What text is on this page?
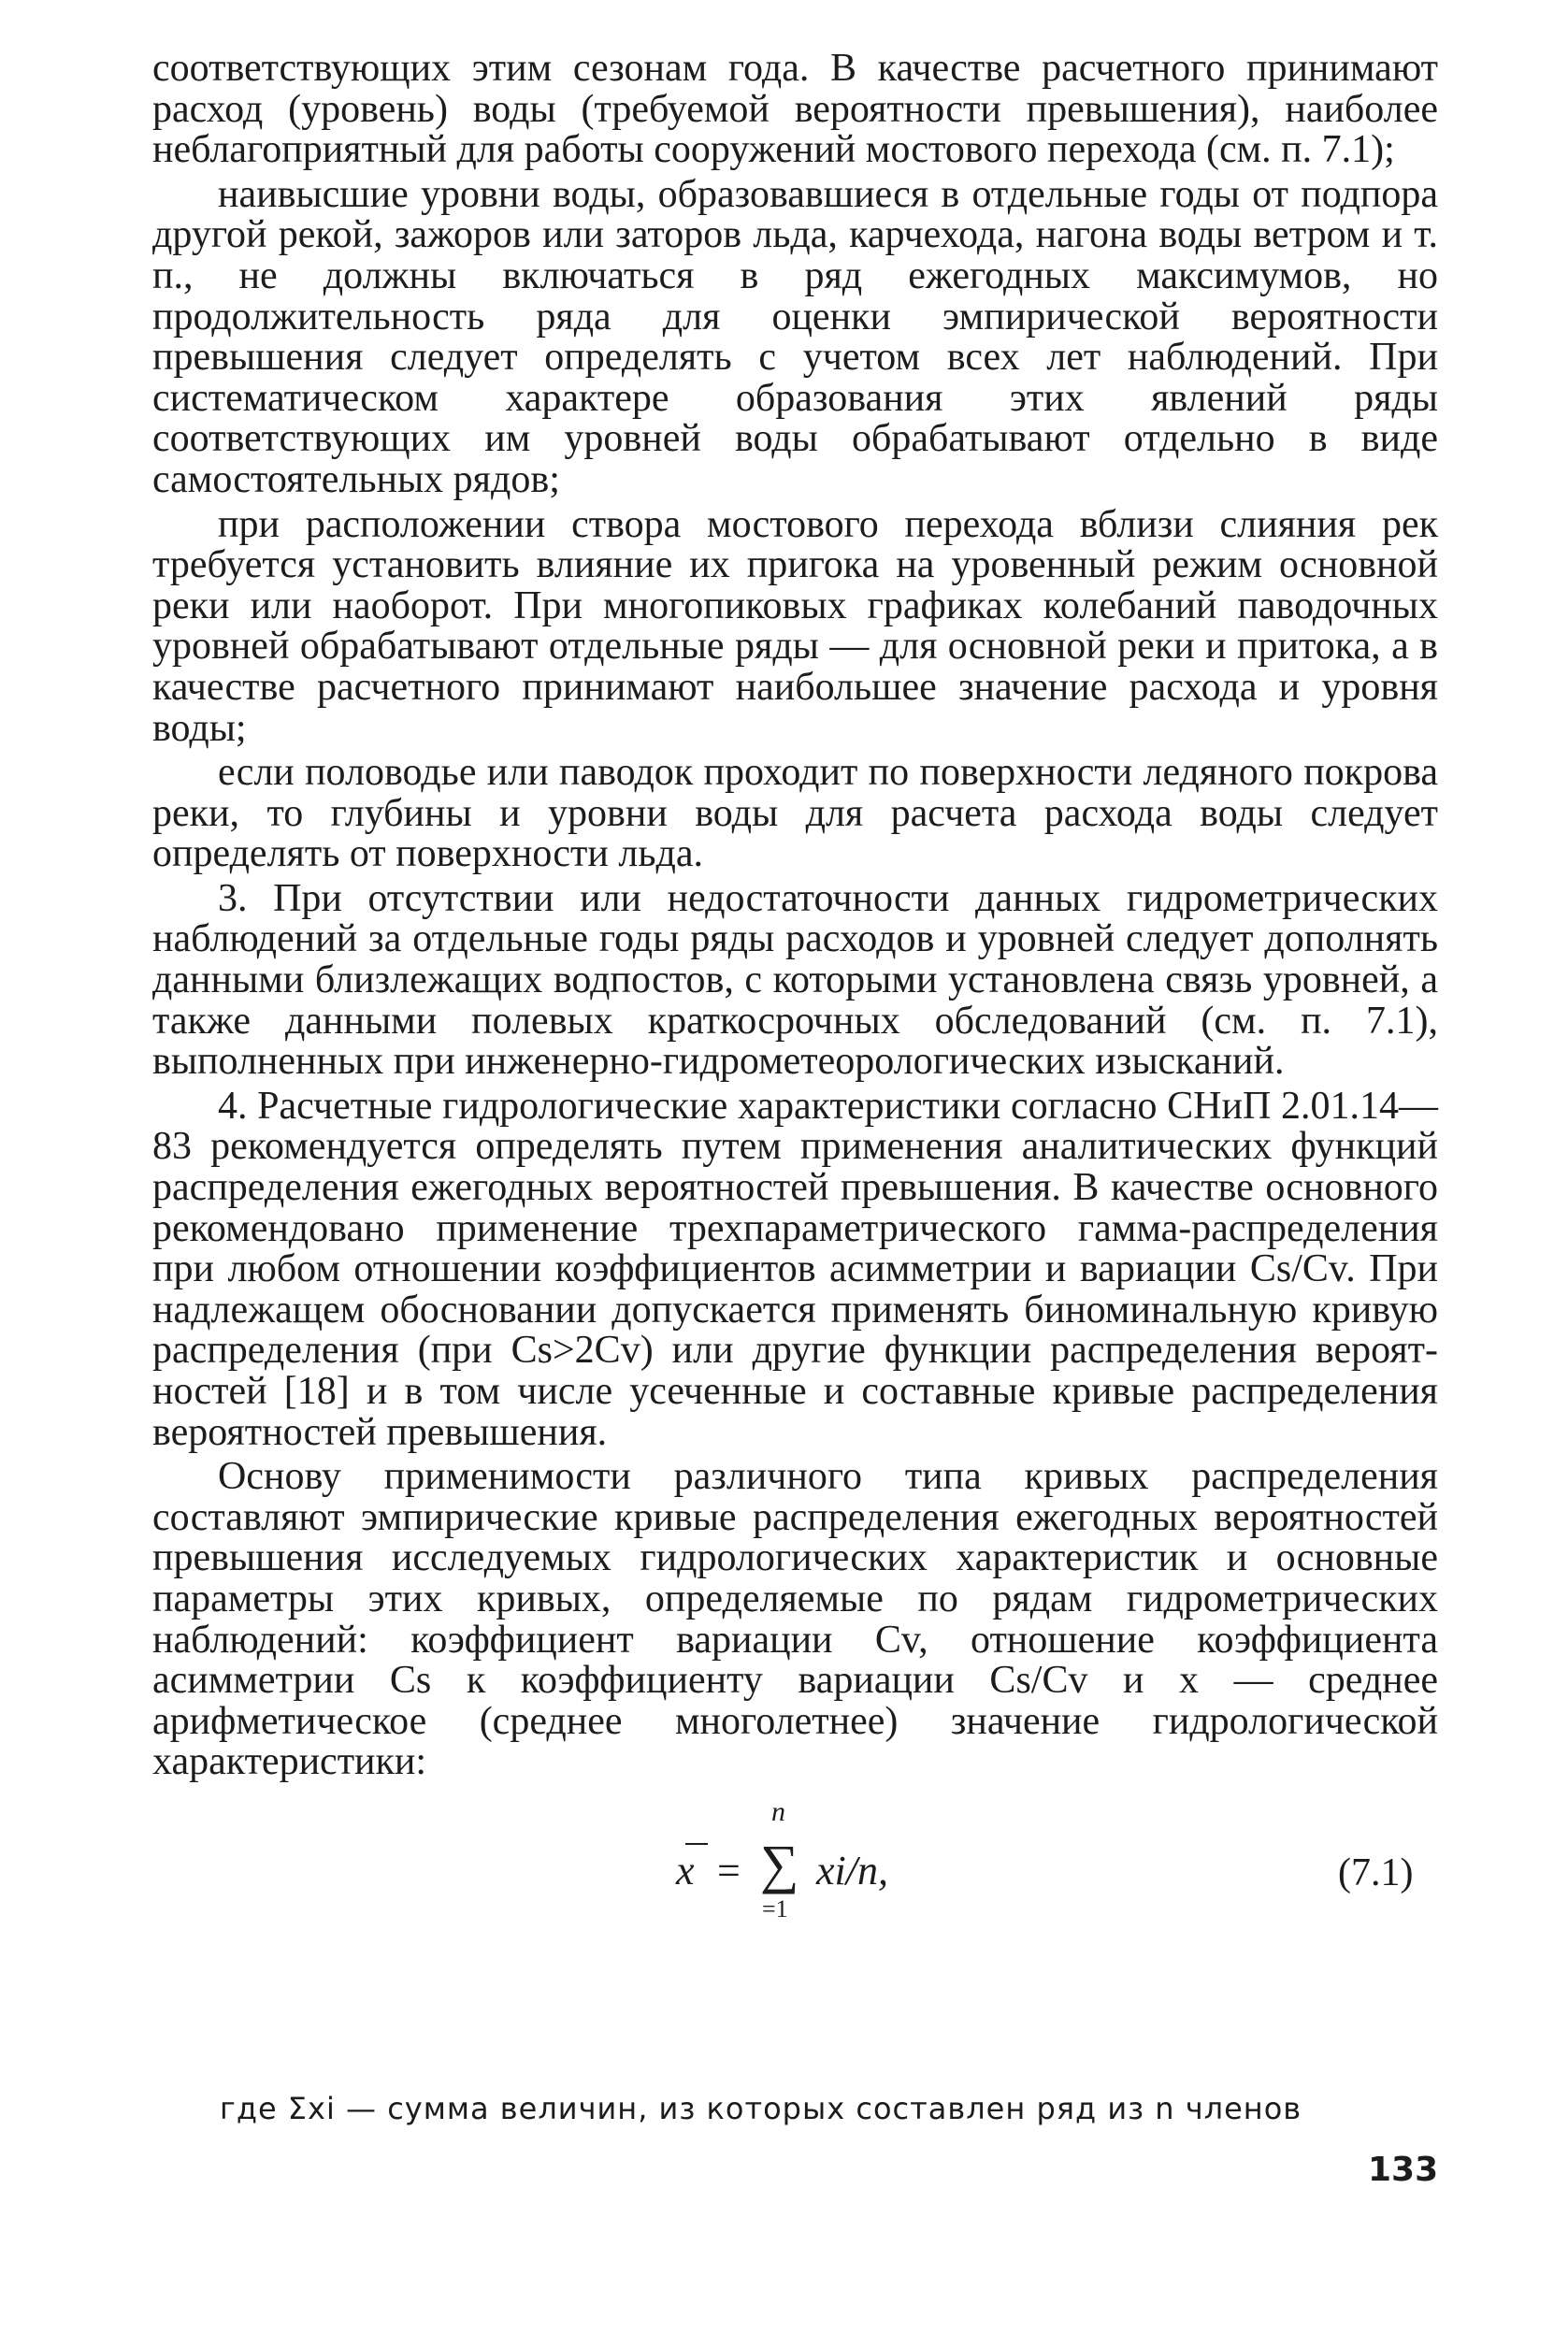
соответствующих этим сезонам года. В качестве расчетного принимают расход (уровень) воды (требуемой вероятности превышения), наиболее неблагоприятный для работы сооружений мостового перехода (см. п. 7.1);

наивысшие уровни воды, образовавшиеся в отдельные годы от подпора другой рекой, зажоров или заторов льда, карчехода, нагона воды ветром и т. п., не должны включаться в ряд ежегодных максимумов, но продолжительность ряда для оценки эмпирической вероятности превышения следует определять с учетом всех лет наблюдений. При систематическом характере образования этих явлений ряды соответствующих им уровней воды обрабатывают отдельно в виде самостоятельных рядов;

при расположении створа мостового перехода вблизи слияния рек требуется установить влияние их пригока на уровенный режим основной реки или наоборот. При многопиковых графиках колебаний паводочных уровней обрабатывают отдельные ряды — для основной реки и притока, а в качестве расчетного принимают наибольшее значение расхода и уровня воды;

если половодье или паводок проходит по поверхности ледяного покрова реки, то глубины и уровни воды для расчета расхода воды следует определять от поверхности льда.

3. При отсутствии или недостаточности данных гидрометрических наблюдений за отдельные годы ряды расходов и уровней следует дополнять данными близлежащих водпостов, с которыми установлена связь уровней, а также данными полевых краткосрочных обследований (см. п. 7.1), выполненных при инженерно-гидрометеорологических изысканий.

4. Расчетные гидрологические характеристики согласно СНиП 2.01.14—83 рекомендуется определять путем применения аналитических функций распределения ежегодных вероятностей превышения. В качестве основного рекомендовано применение трехпараметрического гамма-распределения при любом отношении коэффициентов асимметрии и вариации Cs/Cv. При надлежащем обосновании допускается применять биноминальную кривую распределения (при Cs>2Cv) или другие функции распределения вероятностей [18] и в том числе усеченные и составные кривые распределения вероятностей превышения.

Основу применимости различного типа кривых распределения составляют эмпирические кривые распределения ежегодных вероятностей превышения исследуемых гидрологических характеристик и основные параметры этих кривых, определяемые по рядам гидрометрических наблюдений: коэффициент вариации Cv, отношение коэффициента асимметрии Cs к коэффициенту вариации Cs/Cv и x — среднее арифметическое (среднее многолетнее) значение гидрологической характеристики:

x =
n
∑
=1
xi/n,	(7.1)
где Σxi — сумма величин, из которых составлен ряд из n членов
133
